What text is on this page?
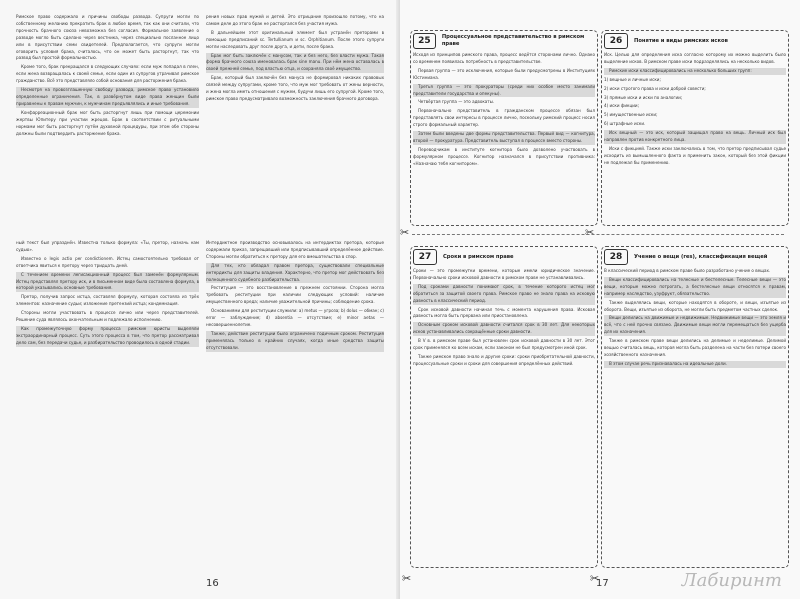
Римское право содержало и причины свободы развода. Супруги могли по собственному желанию прекратить брак в любое время, так как они считали, что прочность брачного союза невозможна без согласия. Формальное заявление о разводе могло быть сделано через вестника, через специально посланное лицо или в присутствии семи свидетелей. Предполагается, что супруги могли оговорить условия брака, считалось, что он может быть расторгнут, так что развод был простой формальностью.

Кроме того, брак прекращался в следующих случаях: если муж попадал в плен, если жена возвращалась к своей семье, если один из супругов утрачивал римское гражданство. Всё это представляло собой основания для расторжения брака.

Несмотря на провозглашенную свободу развода, римское право установило определенные ограничения. Так, в развёрнутом виде права женщин были приравнены к правам мужчин, к мужчинам предъявлялись и иные требования.

Конфарреационный брак мог быть расторгнут лишь при помощи церемонии жертвы Юпитеру при участии жрецов. Брак в соответствии с ритуальными нормами мог быть расторгнут путём духовной процедуры, при этом обе стороны должны были подтвердить расторжение брака.

рения новых прав мужей и детей. Это отрицание произошло потому, что на самом деле до этого брак не расторгался без участия мужа.

В дальнейшем этот оригинальный элемент был устранён преторами в помощью предписаний sc. Tertullianum и sc. Orphitianum. После этого супруги могли наследовать друг после друга, и дети, после брака.

Брак мог быть заключён с манусом, так и без него, без власти мужа. Такая форма брачного союза именовалась брак sine manu. При нём жена оставалась в своей прежней семье, под властью отца, и сохраняла своё имущество.

Брак, который был заключён без мануса не формировал никаких правовых связей между супругами, кроме того, что муж мог требовать от жены верности, и жена могла иметь отношения с мужем, будучи лишь его супругой. Кроме того, римское право предусматривало возможность заключения брачного договора.

ный текст был упразднён. Известна только формула: «Ты, претор, назначь нам судью».

Известно о legis actio per condictionem. Истец самостоятельно требовал от ответчика явиться к претору через тридцать дней.

С течением времени легисакционный процесс был заменён формулярным. Истец представлял претору иск, и в письменном виде была составлена формула, в которой указывались основные требования.

Претор, получив запрос истца, составлял формулу, которая состояла из трёх элементов: назначение судьи; изложение претензий истца; кондемнация.

Стороны могли участвовать в процессе лично или через представителей. Решение суда являлось окончательным и подлежало исполнению.

Как промежуточную форму процесса римские юристы выделяли экстраординарный процесс. Суть этого процесса в том, что претор рассматривал дело сам, без передачи судье, и разбирательство проводилось в одной стадии.

Интердиктное производство основывалось на интердиктах претора, которые содержали приказ, запрещавший или предписывавший определённое действие. Стороны могли обратиться к претору для его вмешательства в спор.

Для тех, кто обладал правом претора, существовали специальные интердикты для защиты владения. Характерно, что претор мог действовать без полноценного судебного разбирательства.

Реституция — это восстановление в прежнем состоянии. Сторона могла требовать реституции при наличии следующих условий: наличие имущественного вреда; наличие уважительной причины; соблюдение срока.

Основаниями для реституции служили: a) metus — угроза; b) dolus — обман; c) error — заблуждение; d) absentia — отсутствие; e) minor aetas — несовершеннолетие.

Также, действие реституции было ограничено годичным сроком. Реституция применялась только в крайних случаях, когда иные средства защиты отсутствовали.

16
25	Процессуальное представительство в римском праве

Исходя из принципов римского права, процесс ведётся сторонами лично. Однако со временем появилась потребность в представительстве.

Первая группа — это исключения, которые были предусмотрены в Институциях Юстиниана.

Третья группа — это прокураторы (среди них особое место занимали представители государства и опекуны).

Четвёртая группа — это адвокаты.

Первоначально представитель в гражданском процессе обязан был представлять свои интересы в процессе лично, поскольку римский процесс носил строго формальный характер.

Затем были введены две формы представительства. Первый вид — когнитура, второй — прокуратура. Представитель выступал в процессе вместо стороны.

Переводчикам в институте когнитора было дозволено участвовать в формулярном процессе. Когнитор назначался в присутствии противника: «Назначаю тебя когнитором».

26	Понятие и виды римских исков

Иск. Целью для определения иска согласно которому их можно выделить было выделение исков. В римском праве иски подразделялись на несколько видов.

Римские иски классифицировались на несколько больших групп:

1) вещные и личные иски;

2) иски строгого права и иски доброй совести;

3) прямые иски и иски по аналогии;

4) иски фикции;

5) имущественные иски;

6) штрафные иски.

Иск вещный — это иск, который защищал право на вещь. Личный иск был направлен против конкретного лица.

Иски с фикцией. Также иски заключались в том, что претор предписывал судье исходить из вымышленного факта и применить закон, который без этой фикции не подлежал бы применению.

✂	✂
27	Сроки в римском праве

Сроки — это промежутки времени, которые имели юридическое значение. Первоначально сроки исковой давности в римском праве не устанавливались.

Под сроками давности понимают срок, в течение которого истец мог обратиться за защитой своего права. Римское право не знало права на исковую давность в классический период.

Срок исковой давности начинал течь с момента нарушения права. Исковая давность могла быть прервана или приостановлена.

Основным сроком исковой давности считался срок в 30 лет. Для некоторых исков устанавливались сокращённые сроки давности.

В V в. в римском праве был установлен срок исковой давности в 30 лет. Этот срок применялся ко всем искам, если законом не был предусмотрен иной срок.

Также римское право знало и другие сроки: сроки приобретательной давности, процессуальные сроки и сроки для совершения определённых действий.

28	Учение о вещи (res), классификация вещей

В классический период в римском праве было разработано учение о вещах.

Вещи классифицировались на телесные и бестелесные. Телесные вещи — это вещи, которые можно потрогать, а бестелесные вещи относятся к правам, например наследство, узуфрукт, обязательство.

Также выделялись вещи, которые находятся в обороте, и вещи, изъятые из оборота. Вещи, изъятые из оборота, не могли быть предметом частных сделок.

Вещи делились на движимые и недвижимые. Недвижимые вещи — это земля и всё, что с ней прочно связано. Движимые вещи могли перемещаться без ущерба для их назначения.

Также в римском праве вещи делились на делимые и неделимые. Делимой вещью считалась вещь, которая могла быть разделена на части без потери своего хозяйственного назначения.

В этом случае речь признавалась на идеальные доли.

✂	✂
17	Лабиринт
